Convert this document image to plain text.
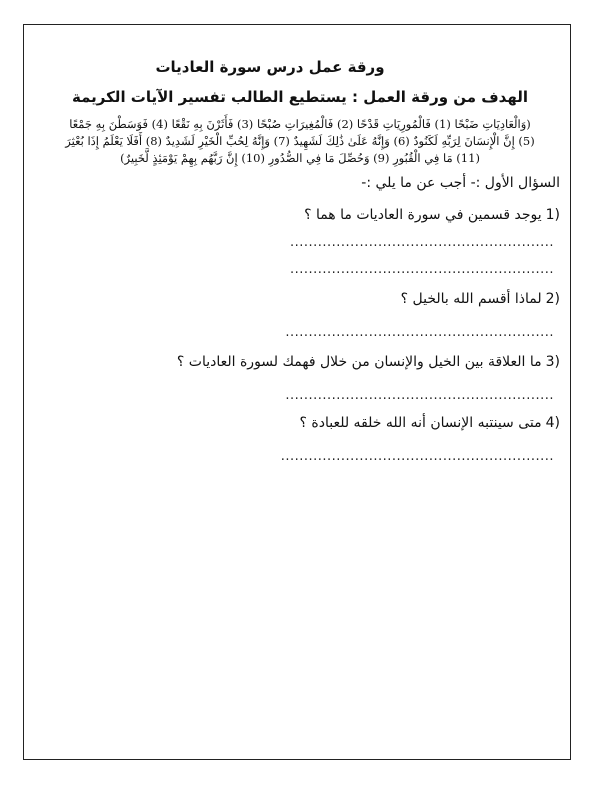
ورقة عمل درس سورة العاديات
الهدف من ورقة العمل : يستطيع الطالب تفسير الآيات الكريمة
(وَالْعَادِيَاتِ ضَبْحًا (1) فَالْمُورِيَاتِ قَدْحًا (2) فَالْمُغِيرَاتِ صُبْحًا (3) فَأَثَرْنَ بِهِ نَقْعًا (4) فَوَسَطْنَ بِهِ جَمْعًا
(5) إِنَّ الْإِنسَانَ لِرَبِّهِ لَكَنُودٌ (6) وَإِنَّهُ عَلَىٰ ذَٰلِكَ لَشَهِيدٌ (7) وَإِنَّهُ لِحُبِّ الْخَيْرِ لَشَدِيدٌ (8) أَفَلَا يَعْلَمُ إِذَا بُعْثِرَ
(11) مَا فِي الْقُبُورِ (9) وَحُصِّلَ مَا فِي الصُّدُورِ (10) إِنَّ رَبَّهُم بِهِمْ يَوْمَئِذٍ لَّخَبِيرٌ)
السؤال الأول :- أجب عن ما يلي :-
1)
يوجد قسمين في سورة العاديات ما هما ؟
.........................................................
.........................................................
2)
لماذا أقسم الله بالخيل ؟
..........................................................
3)
ما العلاقة بين الخيل والإنسان من خلال فهمك لسورة العاديات ؟
..........................................................
4)
متى سينتبه الإنسان أنه الله خلقه للعبادة ؟
...........................................................
